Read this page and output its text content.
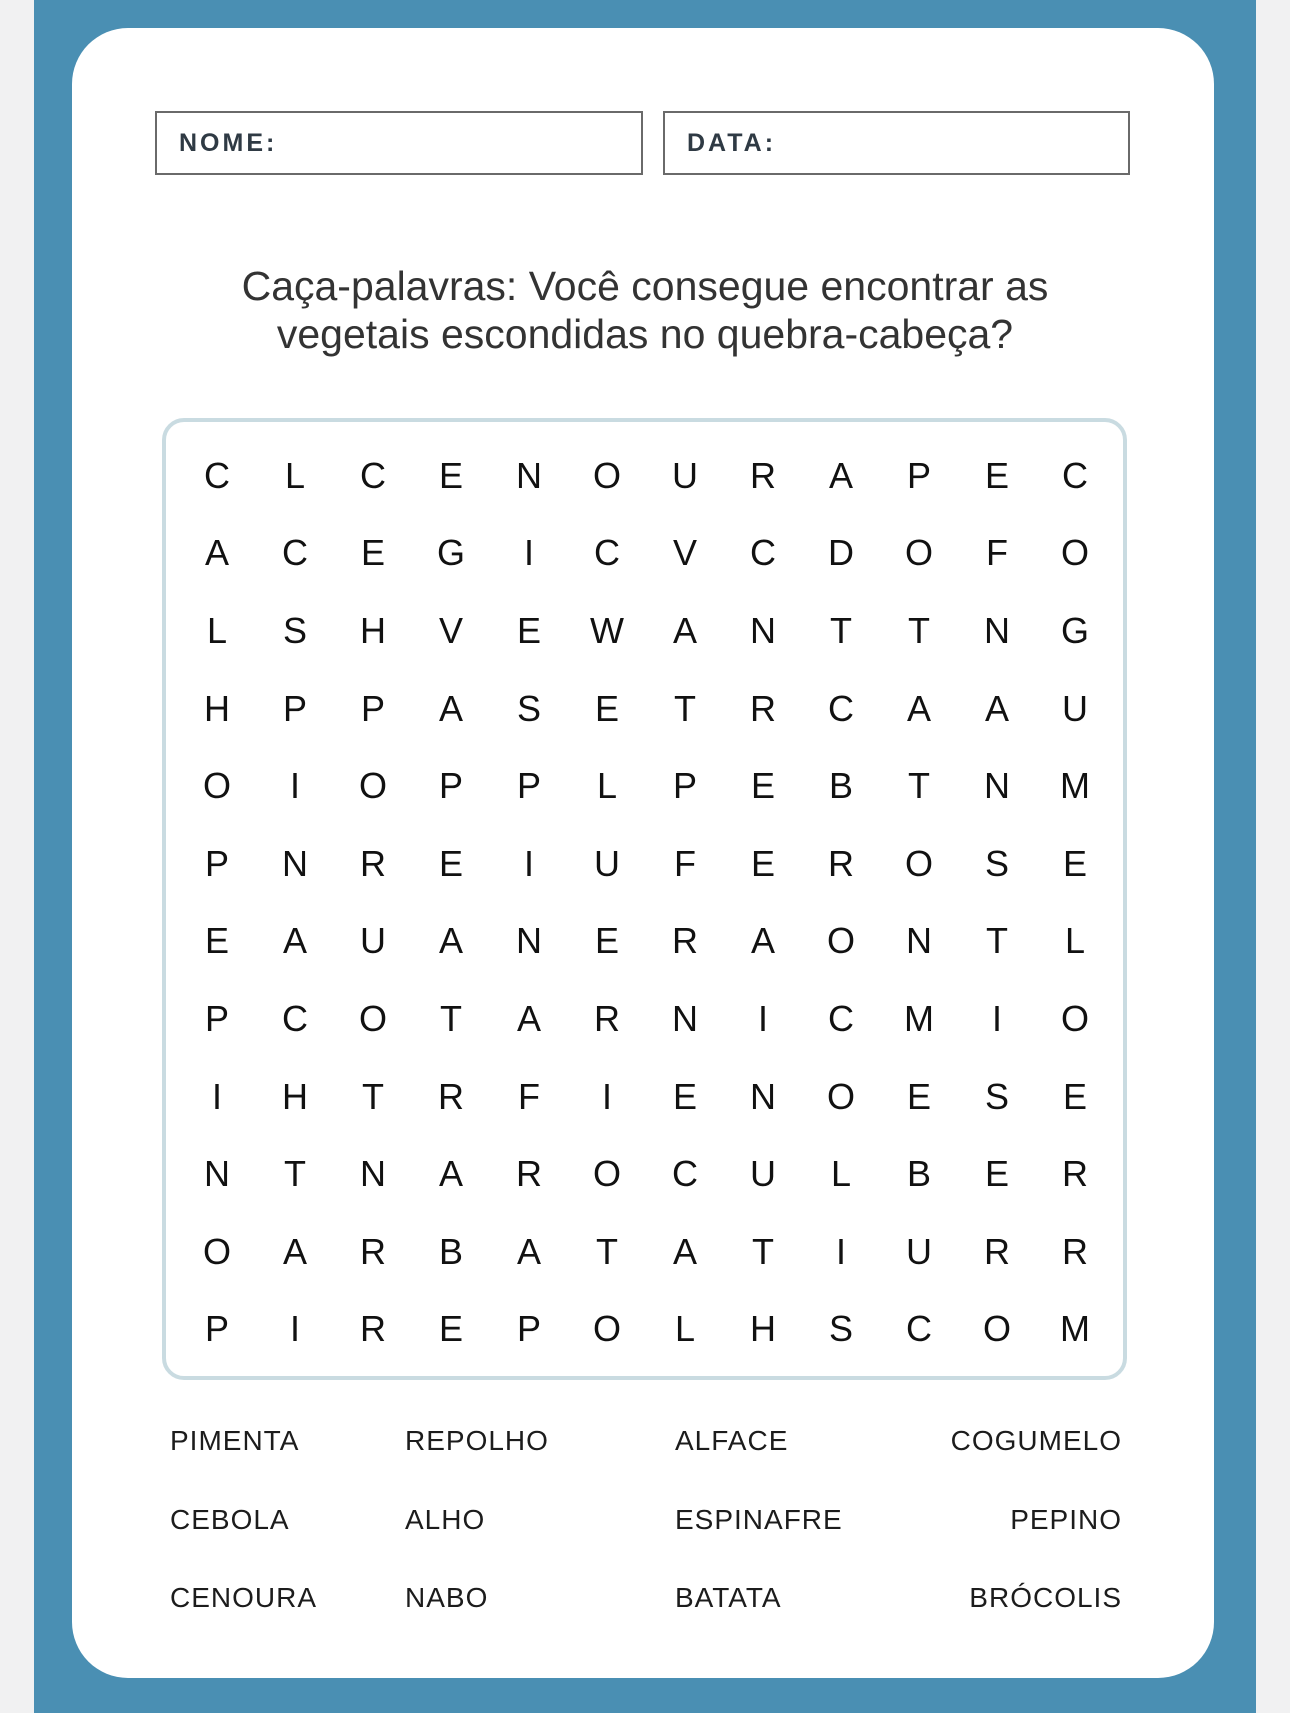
NOME:	DATA:
Caça-palavras: Você consegue encontrar as
vegetais escondidas no quebra-cabeça?
C	L	C	E	N	O	U	R	A	P	E	C
A	C	E	G	I	C	V	C	D	O	F	O
L	S	H	V	E	W	A	N	T	T	N	G
H	P	P	A	S	E	T	R	C	A	A	U
O	I	O	P	P	L	P	E	B	T	N	M
P	N	R	E	I	U	F	E	R	O	S	E
E	A	U	A	N	E	R	A	O	N	T	L
P	C	O	T	A	R	N	I	C	M	I	O
I	H	T	R	F	I	E	N	O	E	S	E
N	T	N	A	R	O	C	U	L	B	E	R
O	A	R	B	A	T	A	T	I	U	R	R
P	I	R	E	P	O	L	H	S	C	O	M
PIMENTA	REPOLHO	ALFACE	COGUMELO
CEBOLA	ALHO	ESPINAFRE	PEPINO
CENOURA	NABO	BATATA	BRÓCOLIS
